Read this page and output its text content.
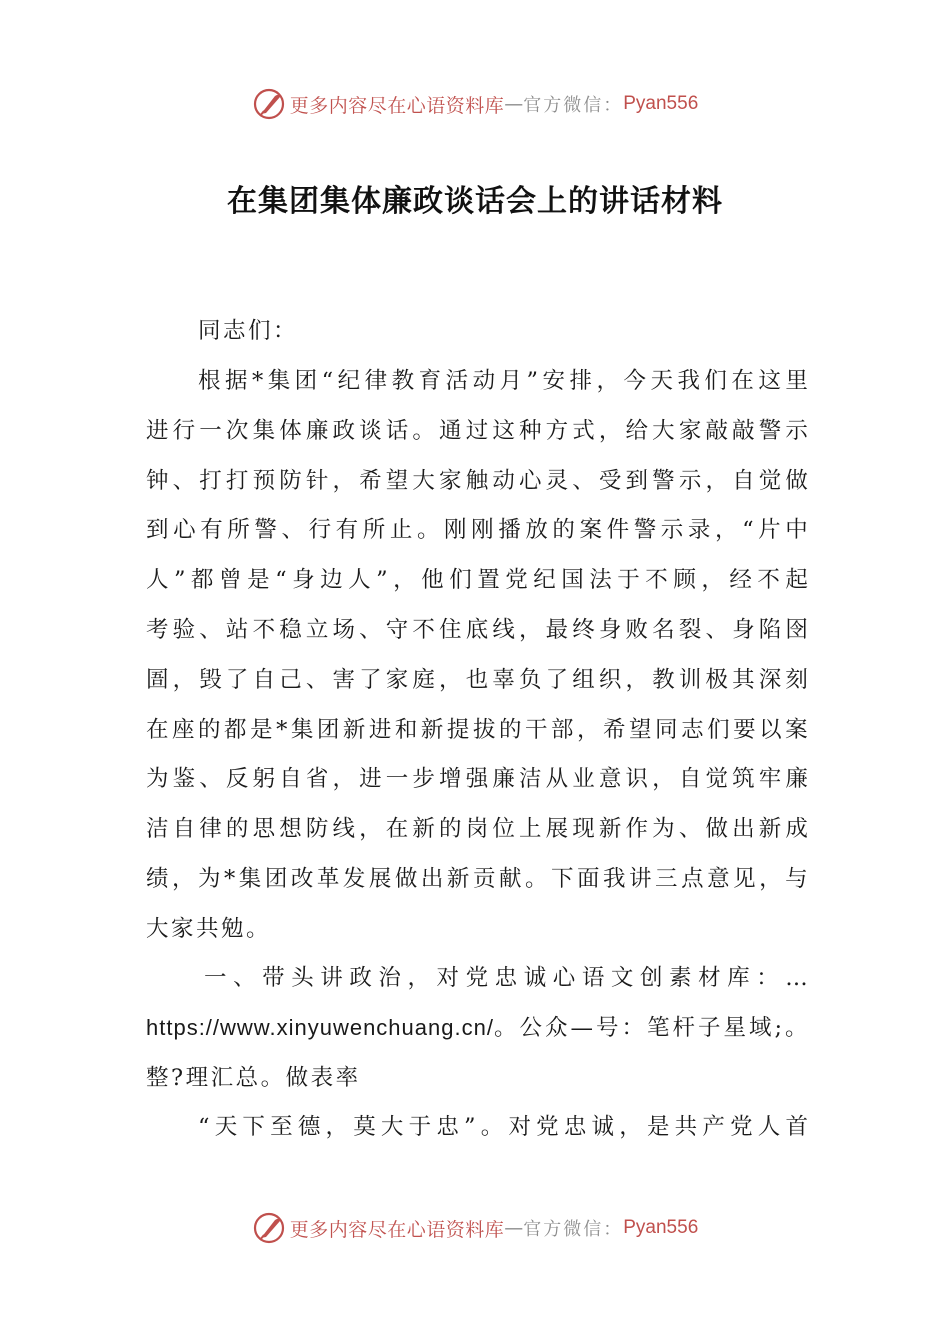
更多内容尽在心语资料库 — 官方微信： Pyan556
在集团集体廉政谈话会上的讲话材料
同志们：
根 据 * 集 团 “ 纪 律 教 育 活 动 月 ” 安 排 ， 今 天 我 们 在 这 里
进 行 一 次 集 体 廉 政 谈 话 。 通 过 这 种 方 式 ， 给 大 家 敲 敲 警 示
钟 、 打 打 预 防 针 ， 希 望 大 家 触 动 心 灵 、 受 到 警 示 ， 自 觉 做
到 心 有 所 警 、 行 有 所 止 。 刚 刚 播 放 的 案 件 警 示 录 ， “ 片 中
人 ” 都 曾 是 “ 身 边 人 ” ， 他 们 置 党 纪 国 法 于 不 顾 ， 经 不 起
考 验 、 站 不 稳 立 场 、 守 不 住 底 线 ， 最 终 身 败 名 裂 、 身 陷 囹
圄 ， 毁 了 自 己 、 害 了 家 庭 ， 也 辜 负 了 组 织 ， 教 训 极 其 深 刻
在 座 的 都 是 * 集 团 新 进 和 新 提 拔 的 干 部 ， 希 望 同 志 们 要 以 案
为 鉴 、 反 躬 自 省 ， 进 一 步 增 强 廉 洁 从 业 意 识 ， 自 觉 筑 牢 廉
洁 自 律 的 思 想 防 线 ， 在 新 的 岗 位 上 展 现 新 作 为 、 做 出 新 成
绩 ， 为 * 集 团 改 革 发 展 做 出 新 贡 献 。 下 面 我 讲 三 点 意 见 ， 与
大家共勉。
一 、 带 头 讲 政 治 ， 对 党 忠 诚 心 语 文 创 素 材 库 ： …
https://www.xinyuwenchuang.cn/ 。公众—号：笔杆子星域;。
整?理汇总。做表率
“ 天 下 至 德 ， 莫 大 于 忠 ” 。 对 党 忠 诚 ， 是 共 产 党 人 首
更多内容尽在心语资料库 — 官方微信： Pyan556
